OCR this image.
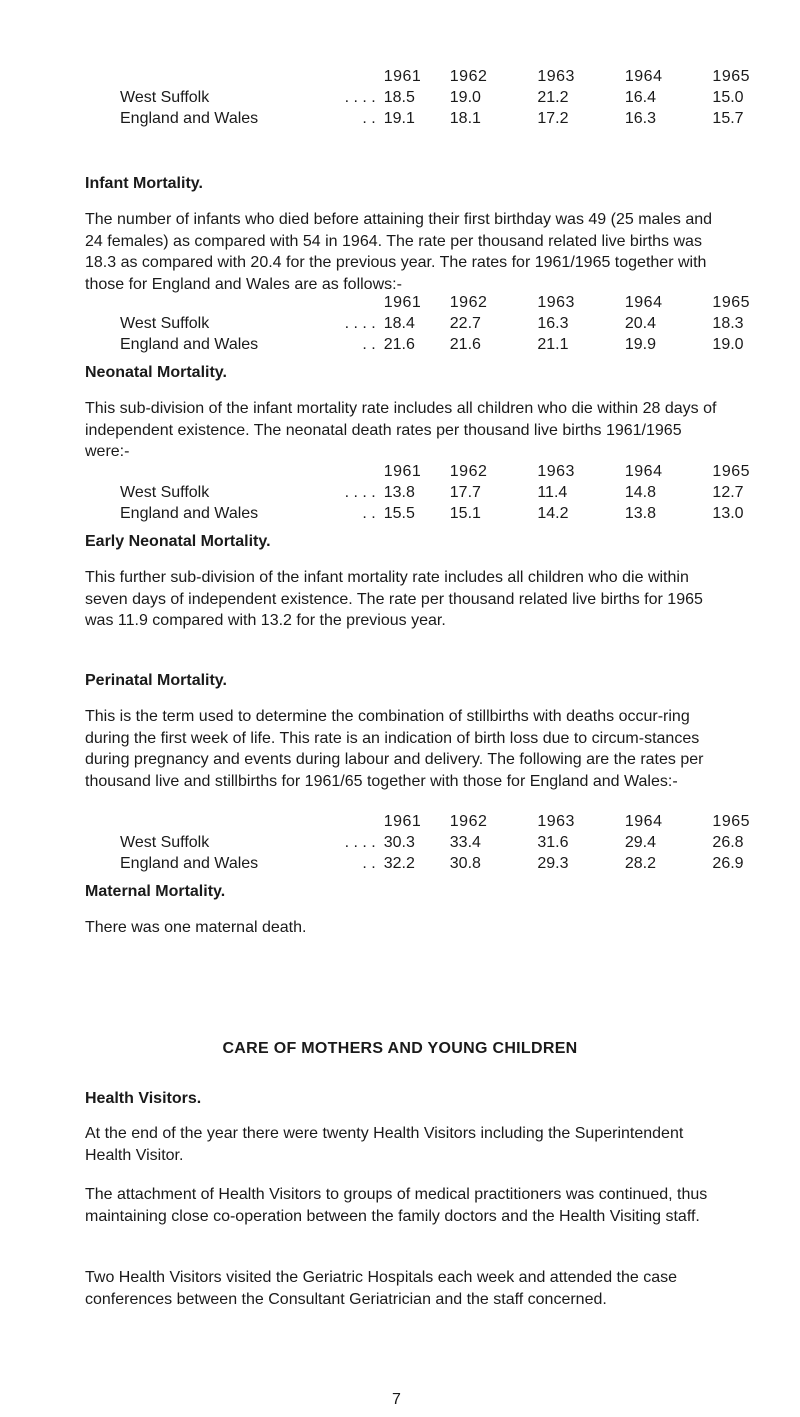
	1961	1962	1963	1964	1965
West Suffolk . . . .	18.5	19.0	21.2	16.4	15.0
England and Wales . .	19.1	18.1	17.2	16.3	15.7
Infant Mortality.

The number of infants who died before attaining their first birthday was 49 (25 males and 24 females) as compared with 54 in 1964. The rate per thousand related live births was 18.3 as compared with 20.4 for the previous year. The rates for 1961/1965 together with those for England and Wales are as follows:-

	1961	1962	1963	1964	1965
West Suffolk . . . .	18.4	22.7	16.3	20.4	18.3
England and Wales . .	21.6	21.6	21.1	19.9	19.0
Neonatal Mortality.

This sub-division of the infant mortality rate includes all children who die within 28 days of independent existence. The neonatal death rates per thousand live births 1961/1965 were:-

	1961	1962	1963	1964	1965
West Suffolk . . . .	13.8	17.7	11.4	14.8	12.7
England and Wales . .	15.5	15.1	14.2	13.8	13.0
Early Neonatal Mortality.

This further sub-division of the infant mortality rate includes all children who die within seven days of independent existence. The rate per thousand related live births for 1965 was 11.9 compared with 13.2 for the previous year.

Perinatal Mortality.

This is the term used to determine the combination of stillbirths with deaths occur-ring during the first week of life. This rate is an indication of birth loss due to circum-stances during pregnancy and events during labour and delivery. The following are the rates per thousand live and stillbirths for 1961/65 together with those for England and Wales:-

	1961	1962	1963	1964	1965
West Suffolk . . . .	30.3	33.4	31.6	29.4	26.8
England and Wales . .	32.2	30.8	29.3	28.2	26.9
Maternal Mortality.

There was one maternal death.

CARE OF MOTHERS AND YOUNG CHILDREN
Health Visitors.

At the end of the year there were twenty Health Visitors including the Superintendent Health Visitor.

The attachment of Health Visitors to groups of medical practitioners was continued, thus maintaining close co-operation between the family doctors and the Health Visiting staff.

Two Health Visitors visited the Geriatric Hospitals each week and attended the case conferences between the Consultant Geriatrician and the staff concerned.

7
